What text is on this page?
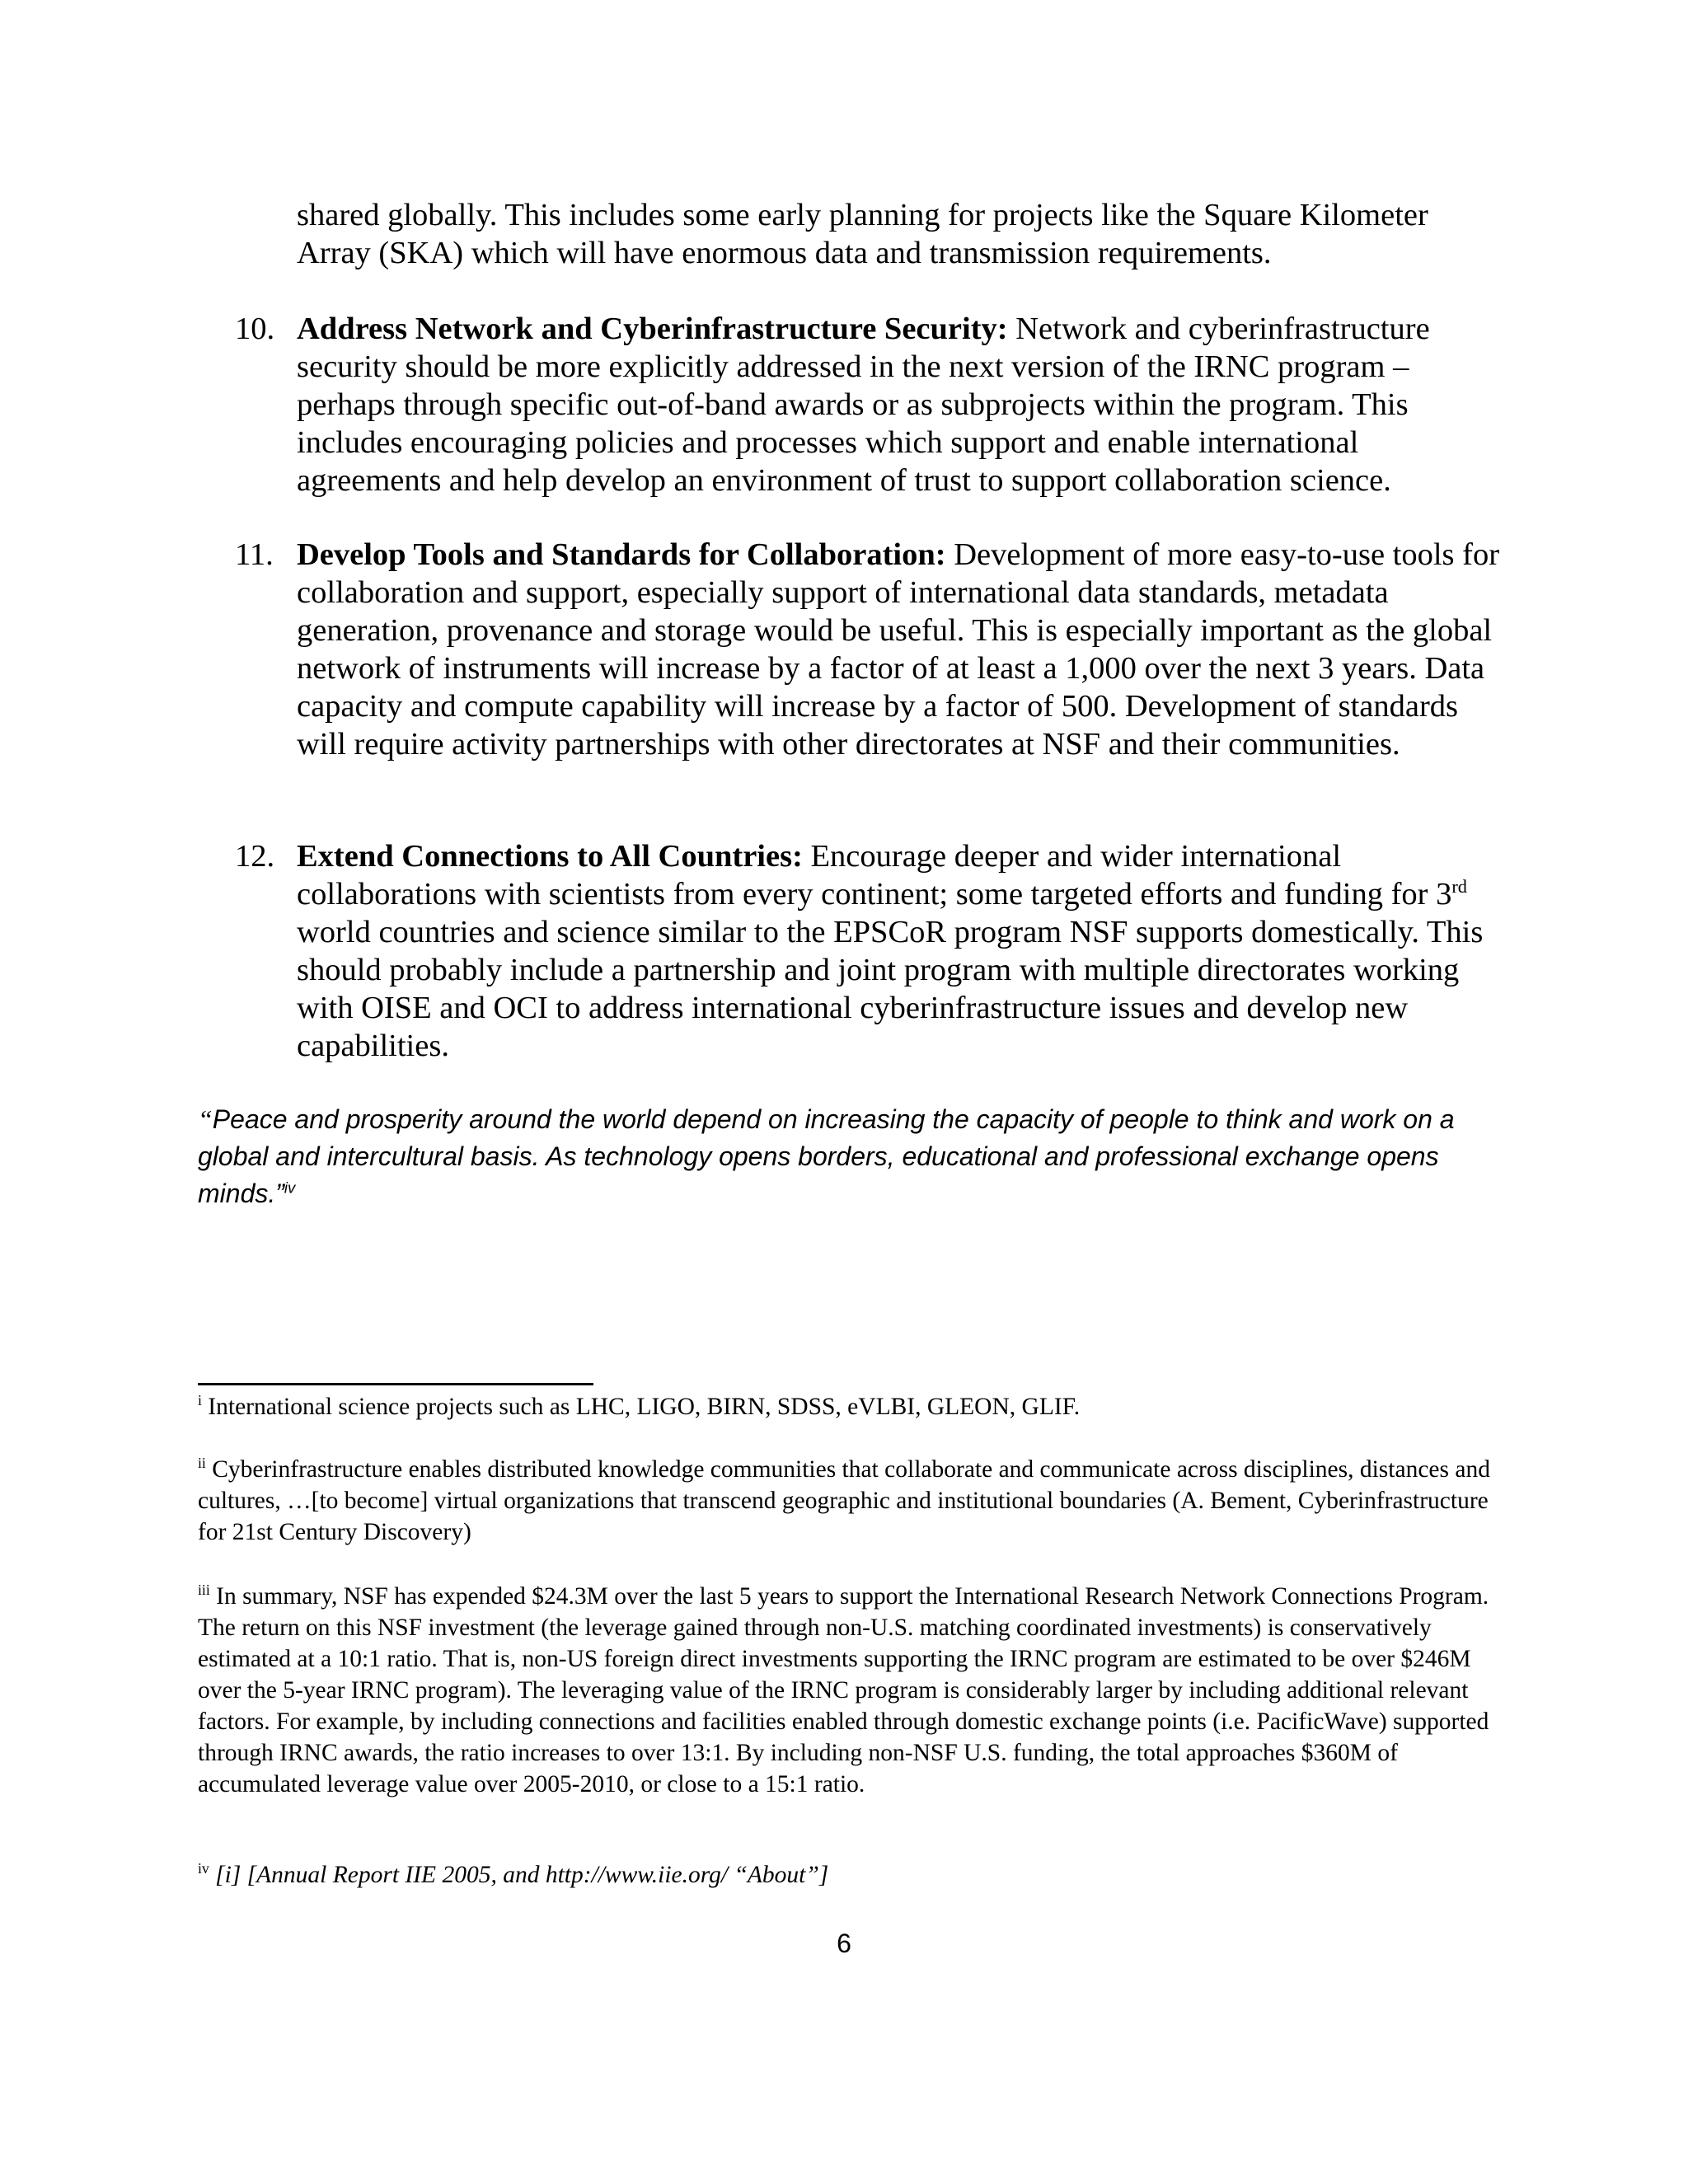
shared globally. This includes some early planning for projects like the Square Kilometer
Array (SKA) which will have enormous data and transmission requirements.
10. Address Network and Cyberinfrastructure Security: Network and cyberinfrastructure security should be more explicitly addressed in the next version of the IRNC program – perhaps through specific out-of-band awards or as subprojects within the program. This includes encouraging policies and processes which support and enable international agreements and help develop an environment of trust to support collaboration science.
11. Develop Tools and Standards for Collaboration: Development of more easy-to-use tools for collaboration and support, especially support of international data standards, metadata generation, provenance and storage would be useful. This is especially important as the global network of instruments will increase by a factor of at least a 1,000 over the next 3 years. Data capacity and compute capability will increase by a factor of 500. Development of standards will require activity partnerships with other directorates at NSF and their communities.
12. Extend Connections to All Countries: Encourage deeper and wider international collaborations with scientists from every continent; some targeted efforts and funding for 3rd world countries and science similar to the EPSCoR program NSF supports domestically. This should probably include a partnership and joint program with multiple directorates working with OISE and OCI to address international cyberinfrastructure issues and develop new capabilities.
“Peace and prosperity around the world depend on increasing the capacity of people to think and work on a global and intercultural basis. As technology opens borders, educational and professional exchange opens minds.”$^{iv}$
$^i$ International science projects such as LHC, LIGO, BIRN, SDSS, eVLBI, GLEON, GLIF.
$^{ii}$ Cyberinfrastructure enables distributed knowledge communities that collaborate and communicate across disciplines, distances and cultures, …[to become] virtual organizations that transcend geographic and institutional boundaries (A. Bement, Cyberinfrastructure for 21st Century Discovery)
$^{iii}$ In summary, NSF has expended $24.3M over the last 5 years to support the International Research Network Connections Program. The return on this NSF investment (the leverage gained through non-U.S. matching coordinated investments) is conservatively estimated at a 10:1 ratio. That is, non-US foreign direct investments supporting the IRNC program are estimated to be over $246M over the 5-year IRNC program). The leveraging value of the IRNC program is considerably larger by including additional relevant factors. For example, by including connections and facilities enabled through domestic exchange points (i.e. PacificWave) supported through IRNC awards, the ratio increases to over 13:1. By including non-NSF U.S. funding, the total approaches $360M of accumulated leverage value over 2005-2010, or close to a 15:1 ratio.
$^{iv}$ [i] [Annual Report IIE 2005, and http://www.iie.org/ “About”]
6
